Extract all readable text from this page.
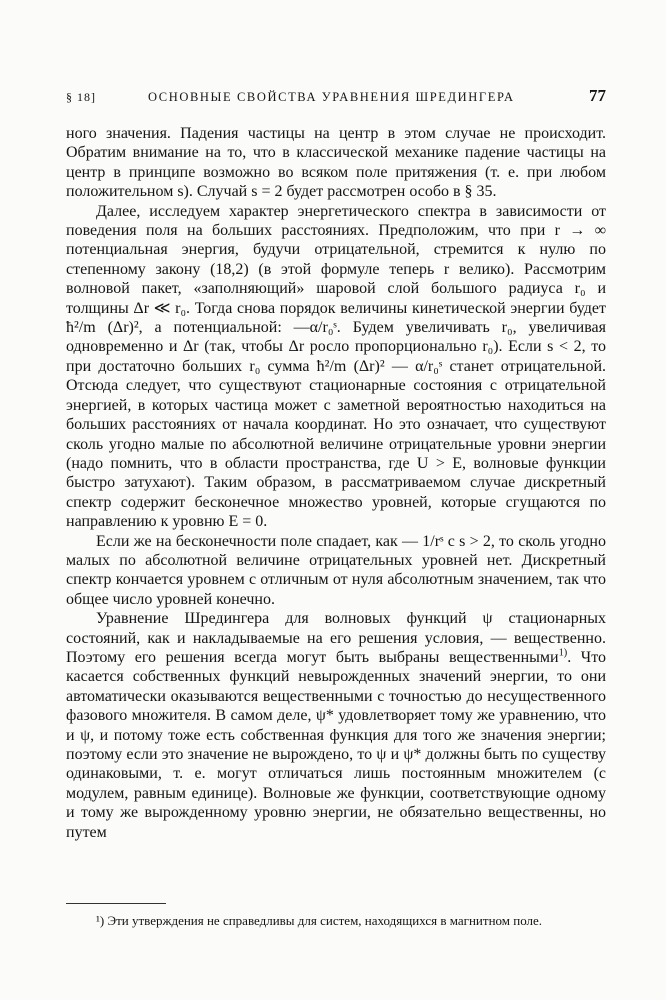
§ 18]	ОСНОВНЫЕ СВОЙСТВА УРАВНЕНИЯ ШРЕДИНГЕРА	77

ного значения. Падения частицы на центр в этом случае не происходит. Обратим внимание на то, что в классической механике падение частицы на центр в принципе возможно во всяком поле притяжения (т. е. при любом положительном s). Случай s = 2 будет рассмотрен особо в § 35.

Далее, исследуем характер энергетического спектра в зависимости от поведения поля на больших расстояниях. Предположим, что при r → ∞ потенциальная энергия, будучи отрицательной, стремится к нулю по степенному закону (18,2) (в этой формуле теперь r велико). Рассмотрим волновой пакет, «заполняющий» шаровой слой большого радиуса r₀ и толщины Δr ≪ r₀. Тогда снова порядок величины кинетической энергии будет ħ²/m (Δr)², а потенциальной: —α/r₀ˢ. Будем увеличивать r₀, увеличивая одновременно и Δr (так, чтобы Δr росло пропорционально r₀). Если s < 2, то при достаточно больших r₀ сумма ħ²/m (Δr)² — α/r₀ˢ станет отрицательной. Отсюда следует, что существуют стационарные состояния с отрицательной энергией, в которых частица может с заметной вероятностью находиться на больших расстояниях от начала координат. Но это означает, что существуют сколь угодно малые по абсолютной величине отрицательные уровни энергии (надо помнить, что в области пространства, где U > E, волновые функции быстро затухают). Таким образом, в рассматриваемом случае дискретный спектр содержит бесконечное множество уровней, которые сгущаются по направлению к уровню E = 0.

Если же на бесконечности поле спадает, как — 1/rˢ с s > 2, то сколь угодно малых по абсолютной величине отрицательных уровней нет. Дискретный спектр кончается уровнем с отличным от нуля абсолютным значением, так что общее число уровней конечно.

Уравнение Шредингера для волновых функций ψ стационарных состояний, как и накладываемые на его решения условия, — вещественно. Поэтому его решения всегда могут быть выбраны вещественными$^{1)}$. Что касается собственных функций невырожденных значений энергии, то они автоматически оказываются вещественными с точностью до несущественного фазового множителя. В самом деле, ψ* удовлетворяет тому же уравнению, что и ψ, и потому тоже есть собственная функция для того же значения энергии; поэтому если это значение не вырождено, то ψ и ψ* должны быть по существу одинаковыми, т. е. могут отличаться лишь постоянным множителем (с модулем, равным единице). Волновые же функции, соответствующие одному и тому же вырожденному уровню энергии, не обязательно вещественны, но путем

¹) Эти утверждения не справедливы для систем, находящихся в магнитном поле.
